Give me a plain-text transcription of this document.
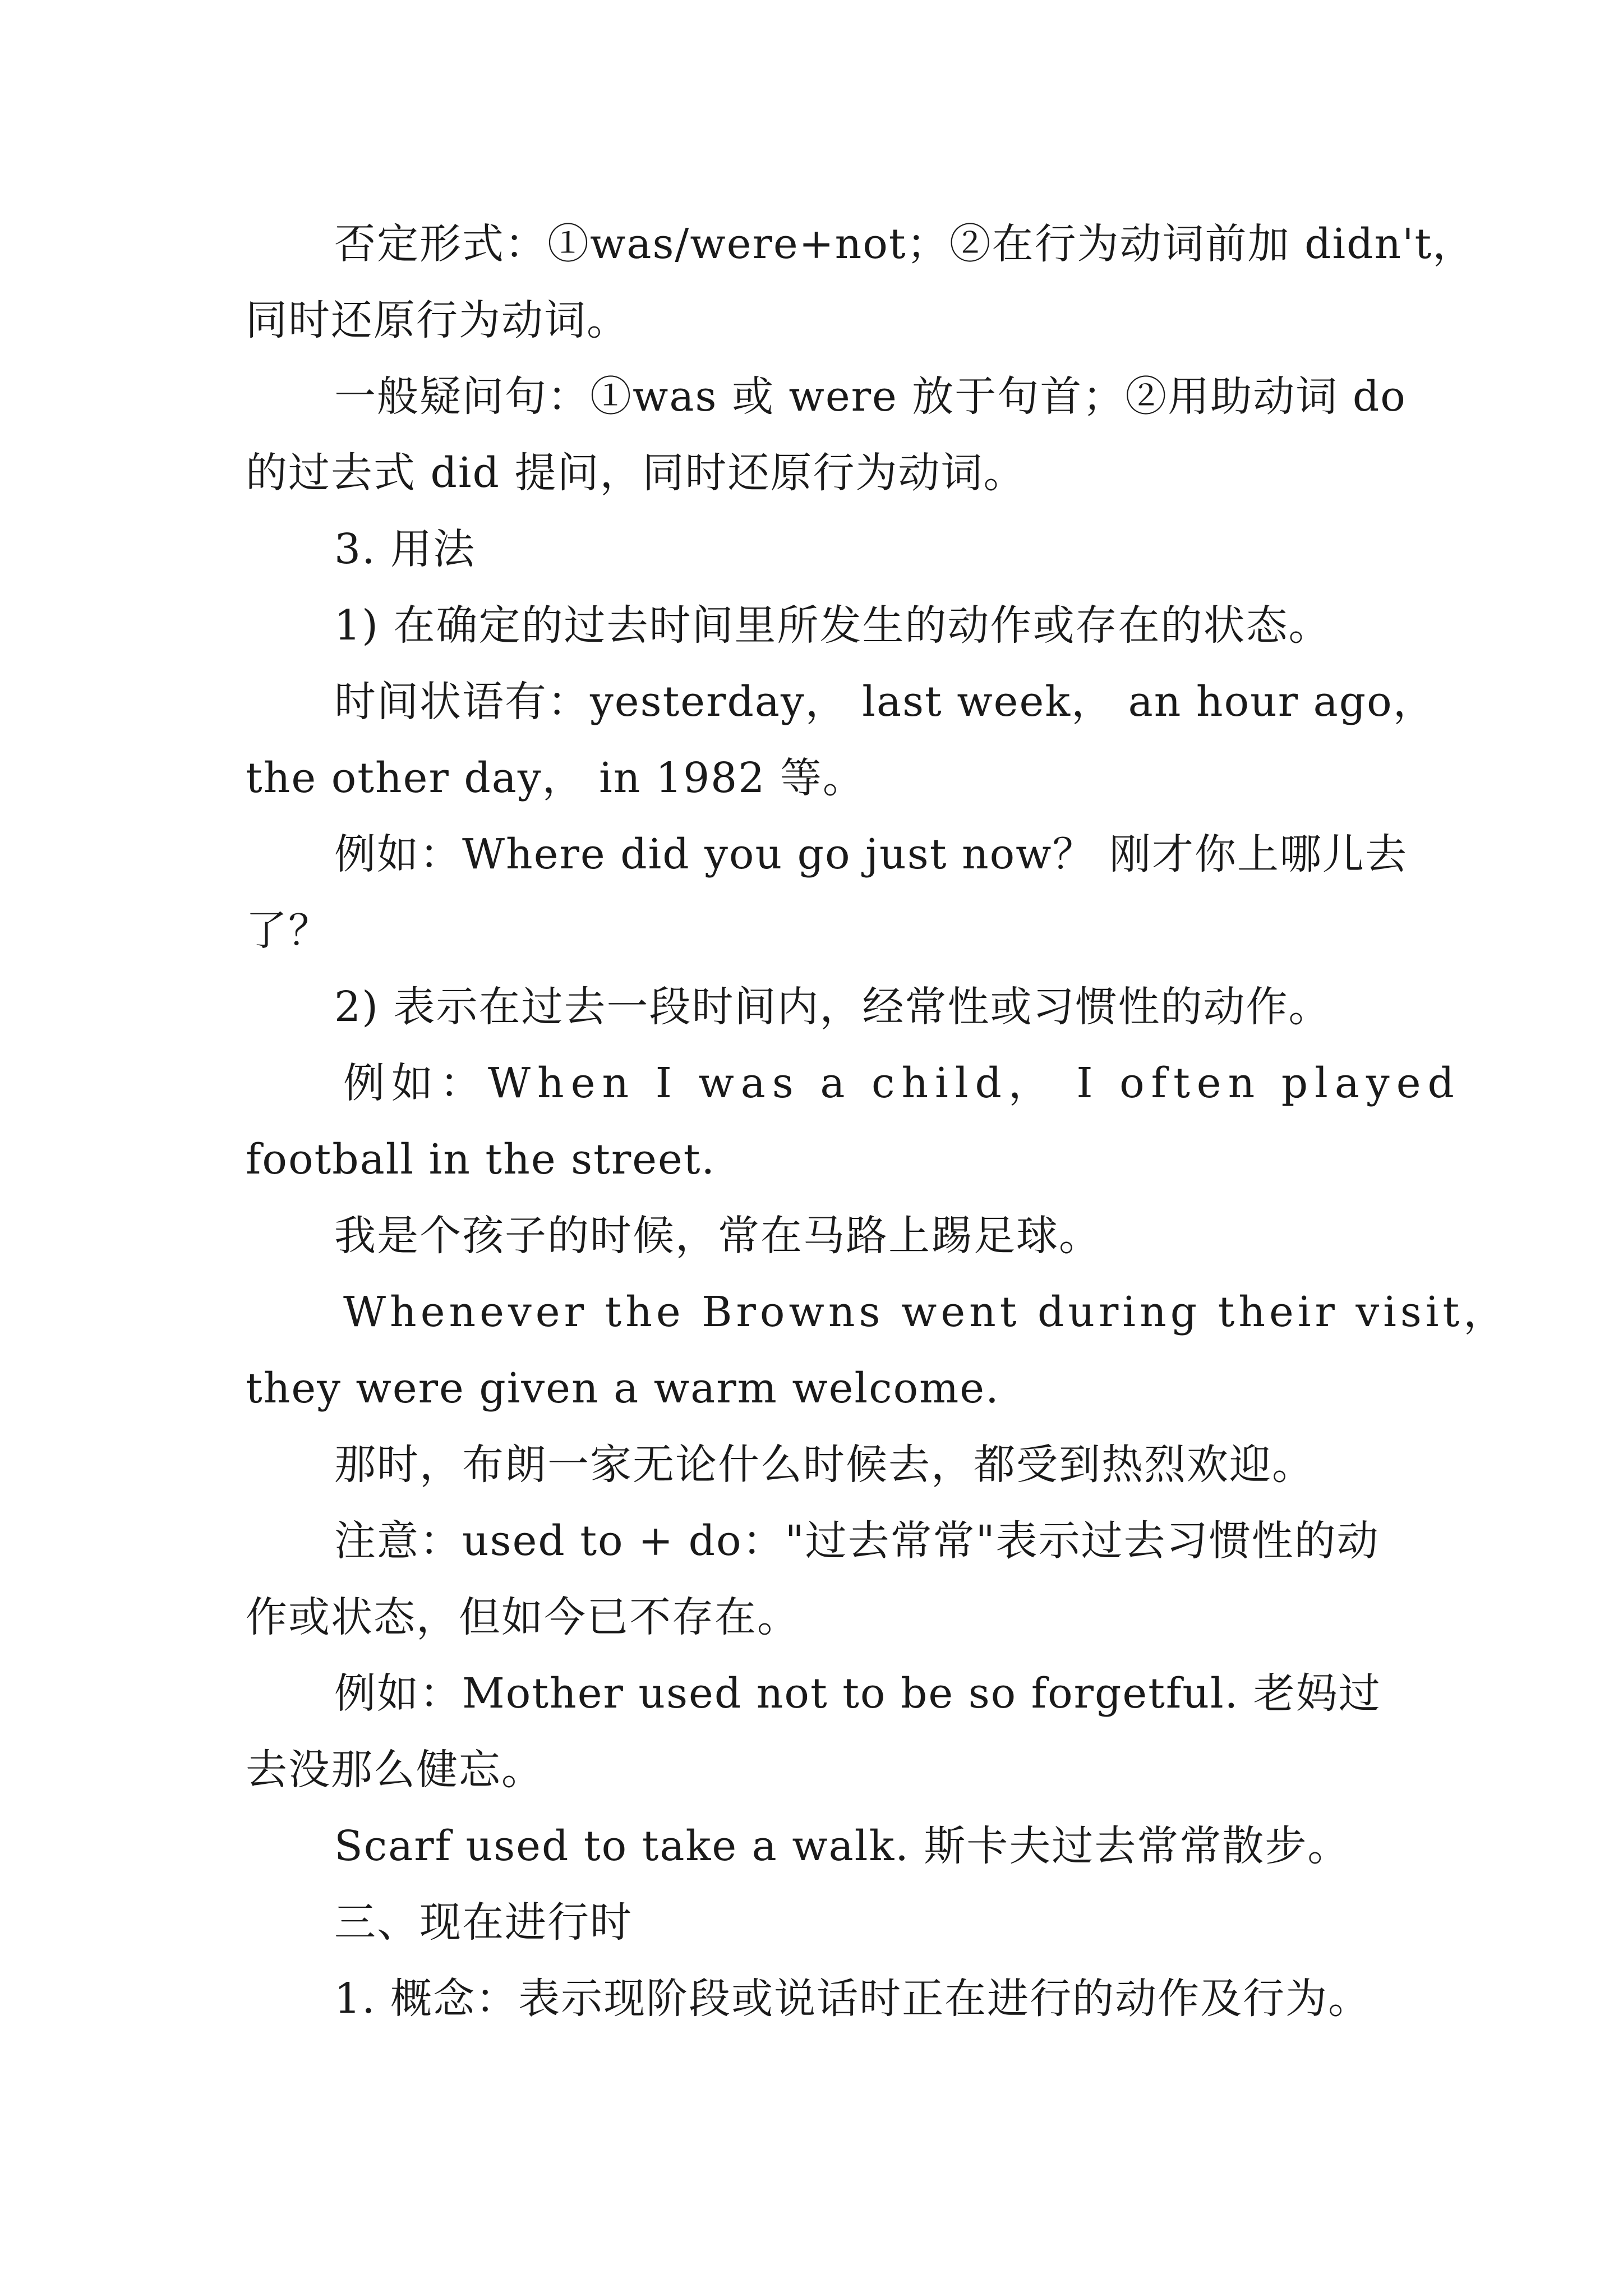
否定形式：①was/were+not；②在行为动词前加 didn't，
同时还原行为动词。
一般疑问句：①was 或 were 放于句首；②用助动词 do
的过去式 did 提问，同时还原行为动词。
3. 用法
1) 在确定的过去时间里所发生的动作或存在的状态。
时间状语有：yesterday， last week， an hour ago，
the other day， in 1982 等。
例如：Where did you go just now？ 刚才你上哪儿去
了？
2) 表示在过去一段时间内，经常性或习惯性的动作。
例如：When I was a child， I often played
football in the street.
我是个孩子的时候，常在马路上踢足球。
Whenever the Browns went during their visit，
they were given a warm welcome.
那时，布朗一家无论什么时候去，都受到热烈欢迎。
注意：used to + do："过去常常"表示过去习惯性的动
作或状态，但如今已不存在。
例如：Mother used not to be so forgetful. 老妈过
去没那么健忘。
Scarf used to take a walk. 斯卡夫过去常常散步。
三、现在进行时
1. 概念：表示现阶段或说话时正在进行的动作及行为。
